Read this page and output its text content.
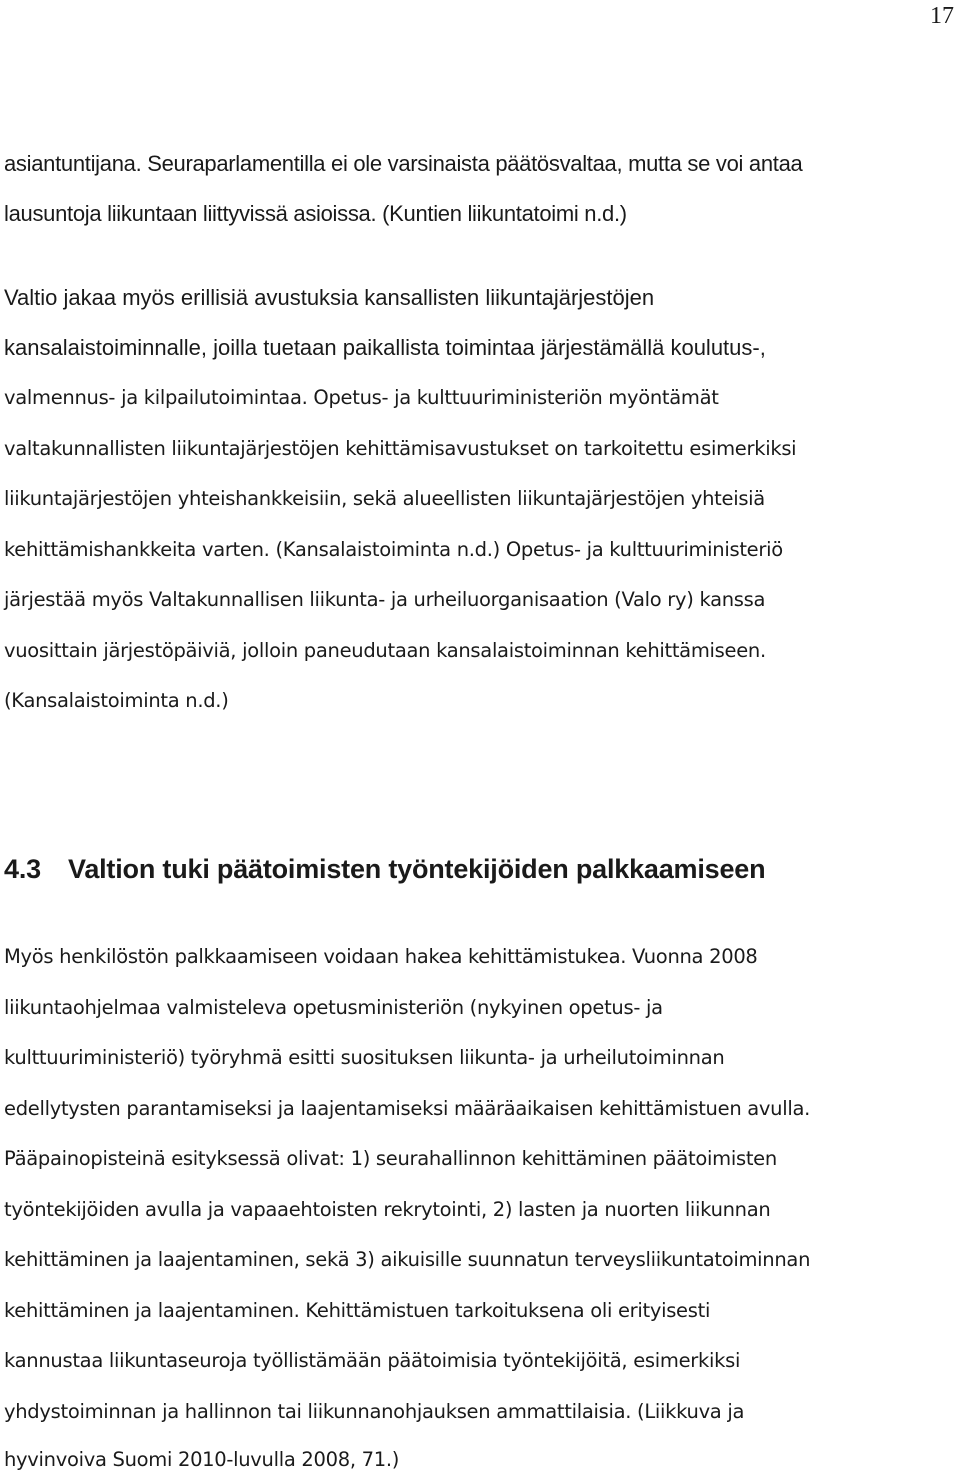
17
asiantuntijana. Seuraparlamentilla ei ole varsinaista päätösvaltaa, mutta se voi antaa
lausuntoja liikuntaan liittyvissä asioissa. (Kuntien liikuntatoimi n.d.)
Valtio jakaa myös erillisiä avustuksia kansallisten liikuntajärjestöjen
kansalaistoiminnalle, joilla tuetaan paikallista toimintaa järjestämällä koulutus-,
valmennus- ja kilpailutoimintaa. Opetus- ja kulttuuriministeriön myöntämät
valtakunnallisten liikuntajärjestöjen kehittämisavustukset on tarkoitettu esimerkiksi
liikuntajärjestöjen yhteishankkeisiin, sekä alueellisten liikuntajärjestöjen yhteisiä
kehittämishankkeita varten. (Kansalaistoiminta n.d.) Opetus- ja kulttuuriministeriö
järjestää myös Valtakunnallisen liikunta- ja urheiluorganisaation (Valo ry) kanssa
vuosittain järjestöpäiviä, jolloin paneudutaan kansalaistoiminnan kehittämiseen.
(Kansalaistoiminta n.d.)
4.3 Valtion tuki päätoimisten työntekijöiden palkkaamiseen
Myös henkilöstön palkkaamiseen voidaan hakea kehittämistukea. Vuonna 2008
liikuntaohjelmaa valmisteleva opetusministeriön (nykyinen opetus- ja
kulttuuriministeriö) työryhmä esitti suosituksen liikunta- ja urheilutoiminnan
edellytysten parantamiseksi ja laajentamiseksi määräaikaisen kehittämistuen avulla.
Pääpainopisteinä esityksessä olivat: 1) seurahallinnon kehittäminen päätoimisten
työntekijöiden avulla ja vapaaehtoisten rekrytointi, 2) lasten ja nuorten liikunnan
kehittäminen ja laajentaminen, sekä 3) aikuisille suunnatun terveysliikuntatoiminnan
kehittäminen ja laajentaminen. Kehittämistuen tarkoituksena oli erityisesti
kannustaa liikuntaseuroja työllistämään päätoimisia työntekijöitä, esimerkiksi
yhdystoiminnan ja hallinnon tai liikunnanohjauksen ammattilaisia. (Liikkuva ja
hyvinvoiva Suomi 2010-luvulla 2008, 71.)
